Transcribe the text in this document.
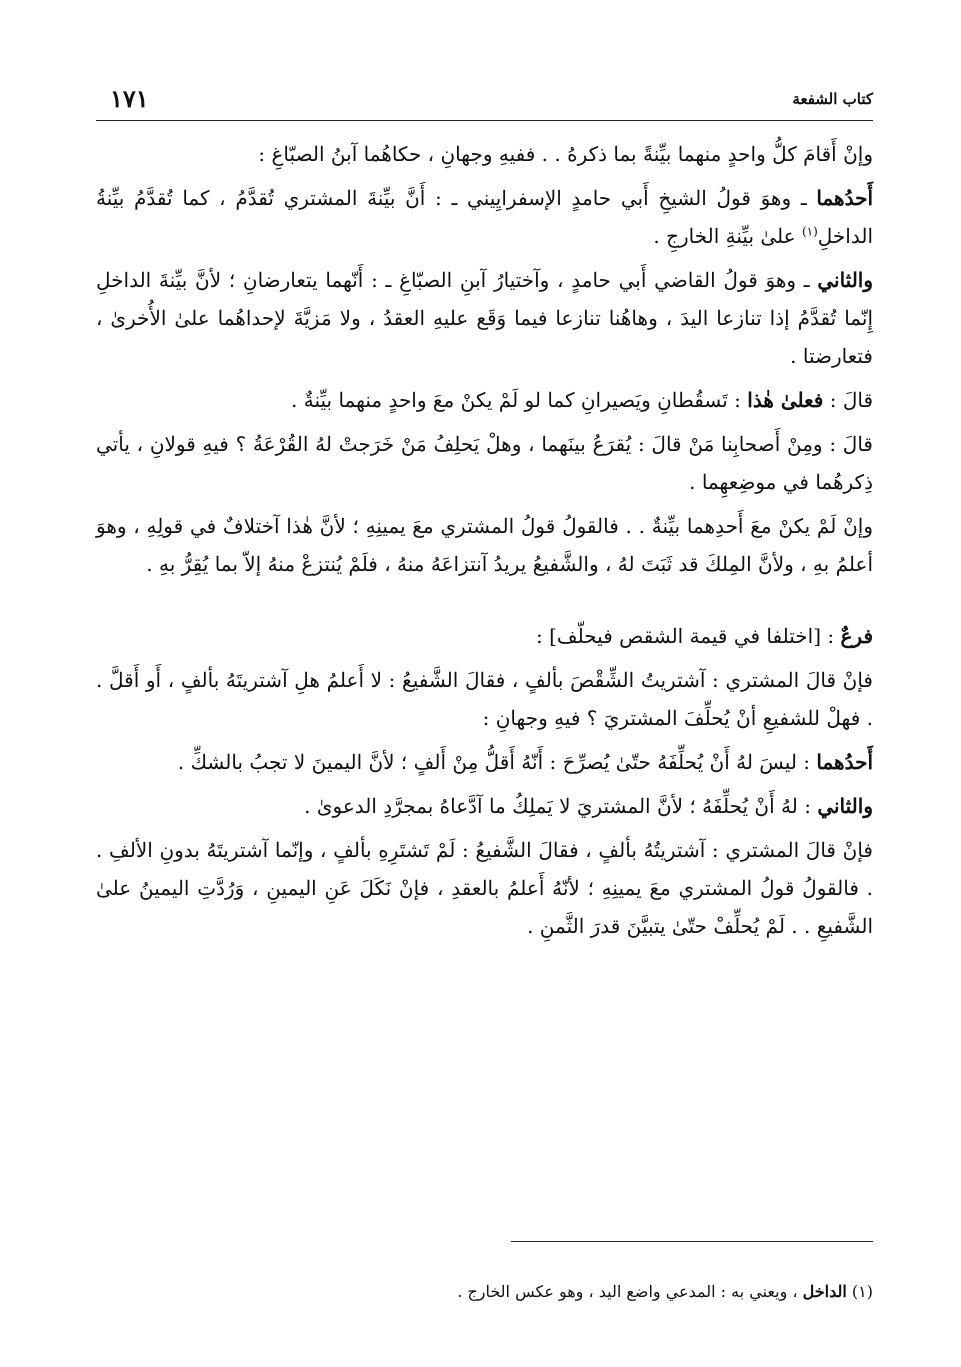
كتاب الشفعة
١٧١

وإنْ أَقامَ كلُّ واحدٍ منهما بيِّنةً بما ذكرهُ . . ففيهِ وجهانِ ، حكاهُما آبنُ الصبّاغِ :

أَحدُهما ـ وهوَ قولُ الشيخِ أَبي حامدٍ الإسفرايِيني ـ : أَنَّ بيِّنةَ المشتري تُقدَّمُ ، كما تُقدَّمُ بيِّنةُ الداخلِ$^{(١)}$ علىٰ بيِّنةِ الخارجِ .

والثاني ـ وهوَ قولُ القاضي أَبي حامدٍ ، وآختيارُ آبنِ الصبّاغِ ـ : أَنّهما يتعارضانِ ؛ لأنَّ بيِّنةَ الداخلِ إِنّما تُقدَّمُ إذا تنازعا اليدَ ، وهاهُنا تنازعا فيما وَقَع عليهِ العقدُ ، ولا مَزيَّةَ لإحداهُما علىٰ الأُخرىٰ ، فتعارضتا .

قالَ : فعلىٰ هٰذا : تَسقُطانِ ويَصيرانِ كما لو لَمْ يكنْ معَ واحدٍ منهما بيِّنةٌ .

قالَ : ومِنْ أَصحابِنا مَنْ قالَ : يُقرَعُ بينَهما ، وهلْ يَحلِفُ مَنْ خَرَجتْ لهُ القُرْعَةُ ؟ فيهِ قولانِ ، يأتي ذِكرهُما في موضِعهِما .

وإنْ لَمْ يكنْ معَ أَحدِهما بيِّنةٌ . . فالقولُ قولُ المشتري معَ يمينِهِ ؛ لأنَّ هٰذا آختلافٌ في قولِهِ ، وهوَ أعلمُ بهِ ، ولأنَّ المِلكَ قد ثَبَتَ لهُ ، والشَّفيعُ يريدُ آنتزاعَهُ منهُ ، فلَمْ يُنتزعْ منهُ إلاّ بما يُقِرُّ بهِ .

فرعٌ : [اختلفا في قيمة الشقص فيحلّف] :

فإنْ قالَ المشتري : آشتريتُ الشِّقْصَ بألفٍ ، فقالَ الشَّفيعُ : لا أَعلمُ هلِ آشتريتَهُ بألفٍ ، أَو أَقلَّ . . فهلْ للشفيعِ أنْ يُحلِّفَ المشتريَ ؟ فيهِ وجهانِ :

أَحدُهما : ليسَ لهُ أَنْ يُحلِّفَهُ حتّىٰ يُصرِّحَ : أَنّهُ أَقلُّ مِنْ أَلفٍ ؛ لأنَّ اليمينَ لا تجبُ بالشكِّ .

والثاني : لهُ أَنْ يُحلِّفَهُ ؛ لأنَّ المشتريَ لا يَملِكُ ما آدَّعاهُ بمجرَّدِ الدعوىٰ .

فإنْ قالَ المشتري : آشتريتُهُ بألفٍ ، فقالَ الشَّفيعُ : لَمْ تَشتَرِهِ بألفٍ ، وإنّما آشتريتَهُ بدونِ الألفِ . . فالقولُ قولُ المشتري معَ يمينِهِ ؛ لأنّهُ أَعلمُ بالعقدِ ، فإنْ نَكَلَ عَنِ اليمينِ ، وَرُدَّتِ اليمينُ علىٰ الشَّفيعِ . . لَمْ يُحلِّفْ حتّىٰ يتبيَّنَ قدرَ الثَّمنِ .

(١) الداخل ، ويعني به : المدعي واضع اليد ، وهو عكس الخارج .
